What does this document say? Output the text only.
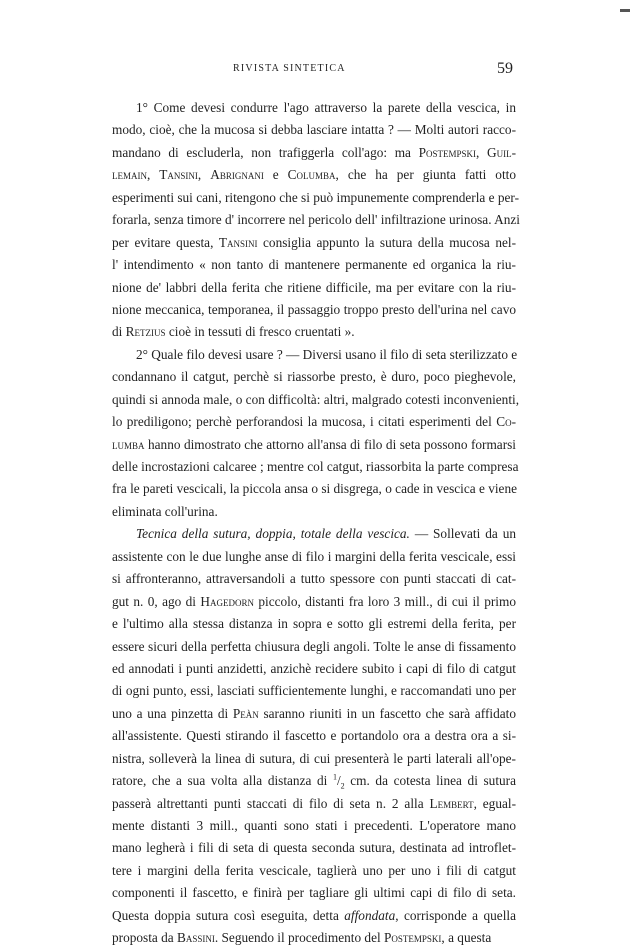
RIVISTA SINTETICA	59
1° Come devesi condurre l'ago attraverso la parete della vescica, in
modo, cioè, che la mucosa si debba lasciare intatta ? — Molti autori racco-
mandano di escluderla, non trafiggerla coll'ago: ma Postempski, Guil-
lemain, Tansini, Abrignani e Columba, che ha per giunta fatti otto
esperimenti sui cani, ritengono che si può impunemente comprenderla e per-
forarla, senza timore d' incorrere nel pericolo dell' infiltrazione urinosa. Anzi
per evitare questa, Tansini consiglia appunto la sutura della mucosa nel-
l' intendimento « non tanto di mantenere permanente ed organica la riu-
nione de' labbri della ferita che ritiene difficile, ma per evitare con la riu-
nione meccanica, temporanea, il passaggio troppo presto dell'urina nel cavo
di Retzius cioè in tessuti di fresco cruentati ».
2° Quale filo devesi usare ? — Diversi usano il filo di seta sterilizzato e
condannano il catgut, perchè si riassorbe presto, è duro, poco pieghevole,
quindi si annoda male, o con difficoltà: altri, malgrado cotesti inconvenienti,
lo prediligono; perchè perforandosi la mucosa, i citati esperimenti del Co-
lumba hanno dimostrato che attorno all'ansa di filo di seta possono formarsi
delle incrostazioni calcaree ; mentre col catgut, riassorbita la parte compresa
fra le pareti vescicali, la piccola ansa o si disgrega, o cade in vescica e viene
eliminata coll'urina.
Tecnica della sutura, doppia, totale della vescica. — Sollevati da un
assistente con le due lunghe anse di filo i margini della ferita vescicale, essi
si affronteranno, attraversandoli a tutto spessore con punti staccati di cat-
gut n. 0, ago di Hagedorn piccolo, distanti fra loro 3 mill., di cui il primo
e l'ultimo alla stessa distanza in sopra e sotto gli estremi della ferita, per
essere sicuri della perfetta chiusura degli angoli. Tolte le anse di fissamento
ed annodati i punti anzidetti, anzichè recidere subito i capi di filo di catgut
di ogni punto, essi, lasciati sufficientemente lunghi, e raccomandati uno per
uno a una pinzetta di Peàn saranno riuniti in un fascetto che sarà affidato
all'assistente. Questi stirando il fascetto e portandolo ora a destra ora a si-
nistra, solleverà la linea di sutura, di cui presenterà le parti laterali all'ope-
ratore, che a sua volta alla distanza di $^1/_2$ cm. da cotesta linea di sutura
passerà altrettanti punti staccati di filo di seta n. 2 alla Lembert, egual-
mente distanti 3 mill., quanti sono stati i precedenti. L'operatore mano
mano legherà i fili di seta di questa seconda sutura, destinata ad introflet-
tere i margini della ferita vescicale, taglierà uno per uno i fili di catgut
componenti il fascetto, e finirà per tagliare gli ultimi capi di filo di seta.
Questa doppia sutura così eseguita, detta affondata, corrisponde a quella
proposta da Bassini. Seguendo il procedimento del Postempski, a questa
